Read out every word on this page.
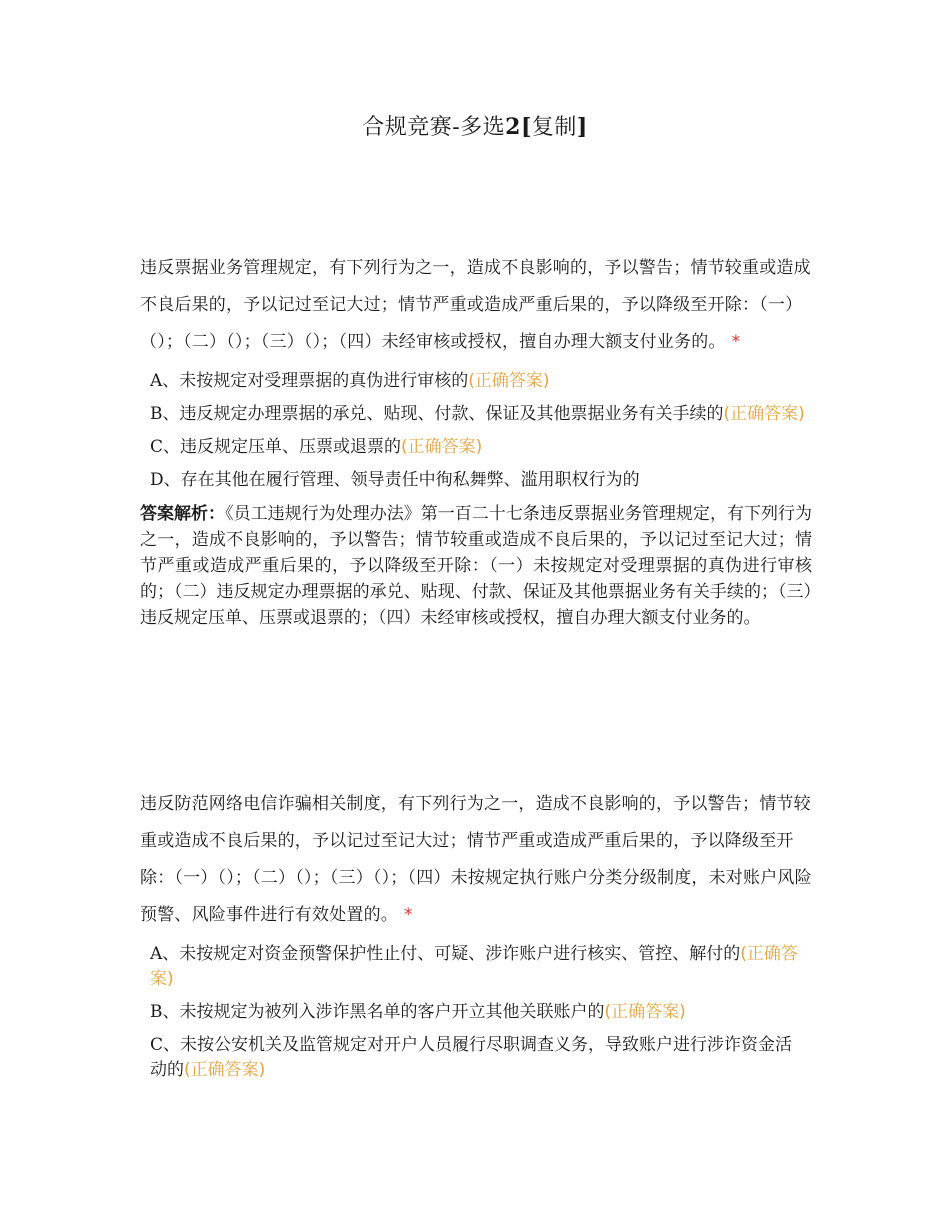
合规竞赛-多选2[复制]

违反票据业务管理规定，有下列行为之一，造成不良影响的，予以警告；情节较重或造成不良后果的，予以记过至记大过；情节严重或造成严重后果的，予以降级至开除：（一）（）；（二）（）；（三）（）；（四）未经审核或授权，擅自办理大额支付业务的。 *

A、未按规定对受理票据的真伪进行审核的(正确答案)

B、违反规定办理票据的承兑、贴现、付款、保证及其他票据业务有关手续的(正确答案)

C、违反规定压单、压票或退票的(正确答案)

D、存在其他在履行管理、领导责任中徇私舞弊、滥用职权行为的

答案解析：《员工违规行为处理办法》第一百二十七条违反票据业务管理规定，有下列行为之一，造成不良影响的，予以警告；情节较重或造成不良后果的，予以记过至记大过；情节严重或造成严重后果的，予以降级至开除：（一）未按规定对受理票据的真伪进行审核的；（二）违反规定办理票据的承兑、贴现、付款、保证及其他票据业务有关手续的；（三）违反规定压单、压票或退票的；（四）未经审核或授权，擅自办理大额支付业务的。

违反防范网络电信诈骗相关制度，有下列行为之一，造成不良影响的，予以警告；情节较重或造成不良后果的，予以记过至记大过；情节严重或造成严重后果的，予以降级至开除：（一）（）；（二）（）；（三）（）；（四）未按规定执行账户分类分级制度，未对账户风险预警、风险事件进行有效处置的。 *

A、未按规定对资金预警保护性止付、可疑、涉诈账户进行核实、管控、解付的(正确答案)

B、未按规定为被列入涉诈黑名单的客户开立其他关联账户的(正确答案)

C、未按公安机关及监管规定对开户人员履行尽职调查义务，导致账户进行涉诈资金活动的(正确答案)
